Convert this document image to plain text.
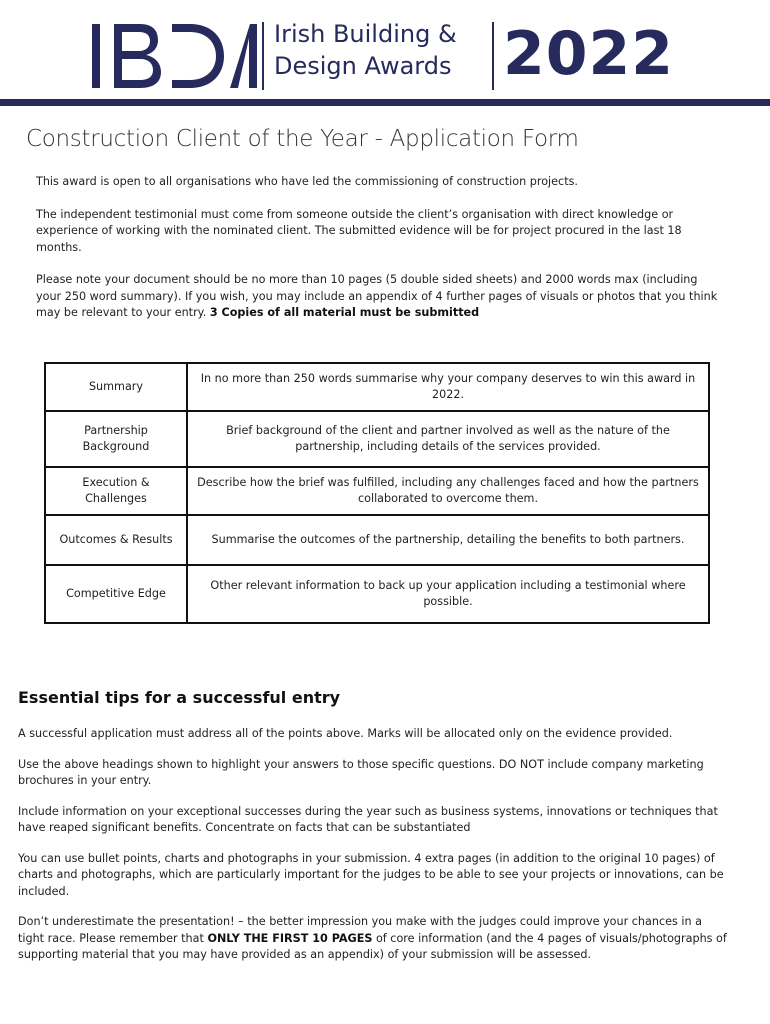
Irish Building &
Design Awards 2022
Construction Client of the Year - Application Form

This award is open to all organisations who have led the commissioning of construction projects.

The independent testimonial must come from someone outside the client’s organisation with direct knowledge or experience of working with the nominated client. The submitted evidence will be for project procured in the last 18 months.

Please note your document should be no more than 10 pages (5 double sided sheets) and 2000 words max (including your 250 word summary). If you wish, you may include an appendix of 4 further pages of visuals or photos that you think may be relevant to your entry. 3 Copies of all material must be submitted

Summary	In no more than 250 words summarise why your company deserves to win this award in 2022.
Partnership Background	Brief background of the client and partner involved as well as the nature of the partnership, including details of the services provided.
Execution & Challenges	Describe how the brief was fulfilled, including any challenges faced and how the partners collaborated to overcome them.
Outcomes & Results	Summarise the outcomes of the partnership, detailing the benefits to both partners.
Competitive Edge	Other relevant information to back up your application including a testimonial where possible.
Essential tips for a successful entry

A successful application must address all of the points above. Marks will be allocated only on the evidence provided.

Use the above headings shown to highlight your answers to those specific questions. DO NOT include company marketing brochures in your entry.

Include information on your exceptional successes during the year such as business systems, innovations or techniques that have reaped significant benefits. Concentrate on facts that can be substantiated

You can use bullet points, charts and photographs in your submission. 4 extra pages (in addition to the original 10 pages) of charts and photographs, which are particularly important for the judges to be able to see your projects or innovations, can be included.

Don’t underestimate the presentation! – the better impression you make with the judges could improve your chances in a tight race. Please remember that ONLY THE FIRST 10 PAGES of core information (and the 4 pages of visuals/photographs of supporting material that you may have provided as an appendix) of your submission will be assessed.
